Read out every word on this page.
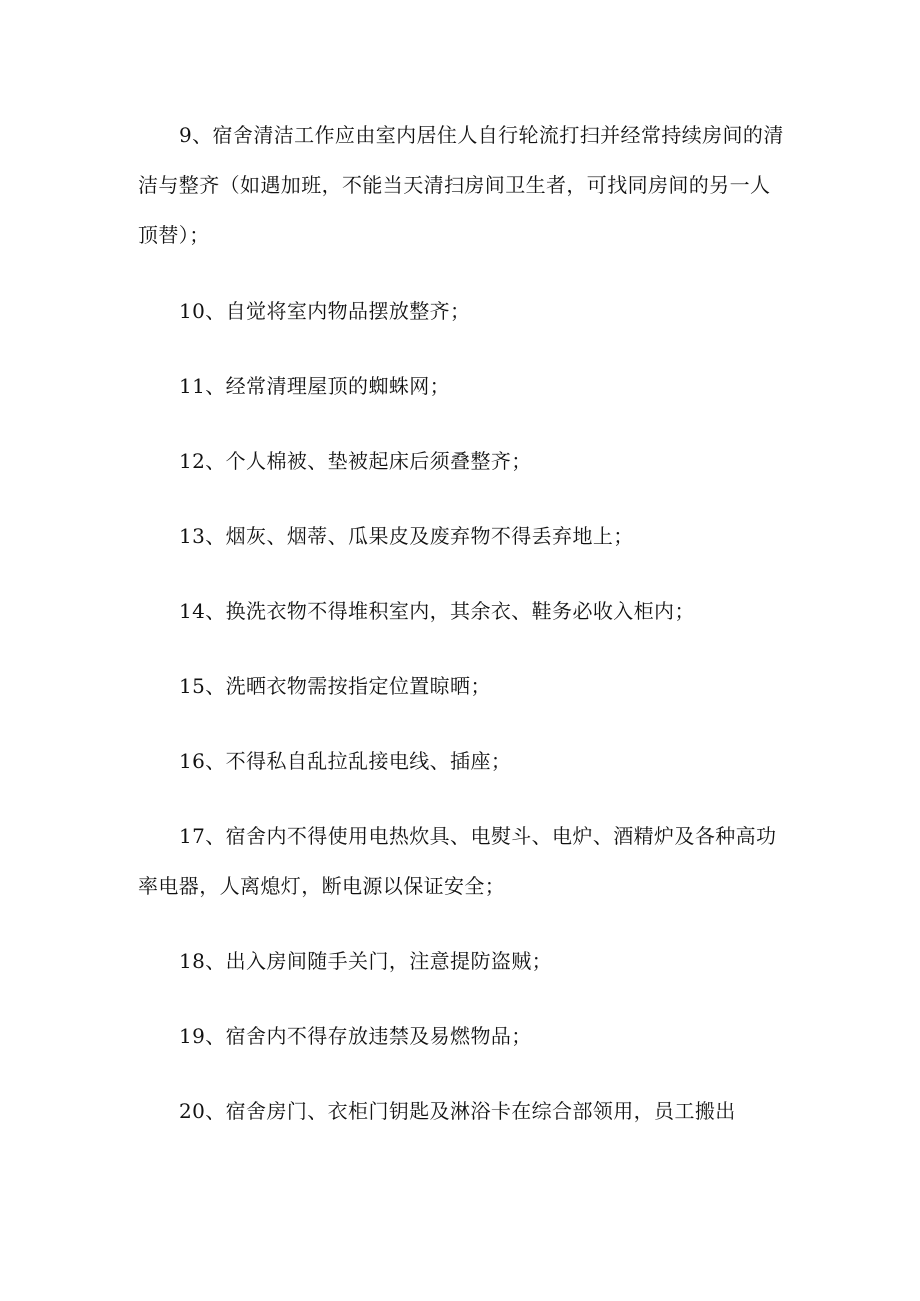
9、宿舍清洁工作应由室内居住人自行轮流打扫并经常持续房间的清洁与整齐（如遇加班，不能当天清扫房间卫生者，可找同房间的另一人顶替）；

10、自觉将室内物品摆放整齐；

11、经常清理屋顶的蜘蛛网；

12、个人棉被、垫被起床后须叠整齐；

13、烟灰、烟蒂、瓜果皮及废弃物不得丢弃地上；

14、换洗衣物不得堆积室内，其余衣、鞋务必收入柜内；

15、洗晒衣物需按指定位置晾晒；

16、不得私自乱拉乱接电线、插座；

17、宿舍内不得使用电热炊具、电熨斗、电炉、酒精炉及各种高功率电器，人离熄灯，断电源以保证安全；

18、出入房间随手关门，注意提防盗贼；

19、宿舍内不得存放违禁及易燃物品；

20、宿舍房门、衣柜门钥匙及淋浴卡在综合部领用，员工搬出
